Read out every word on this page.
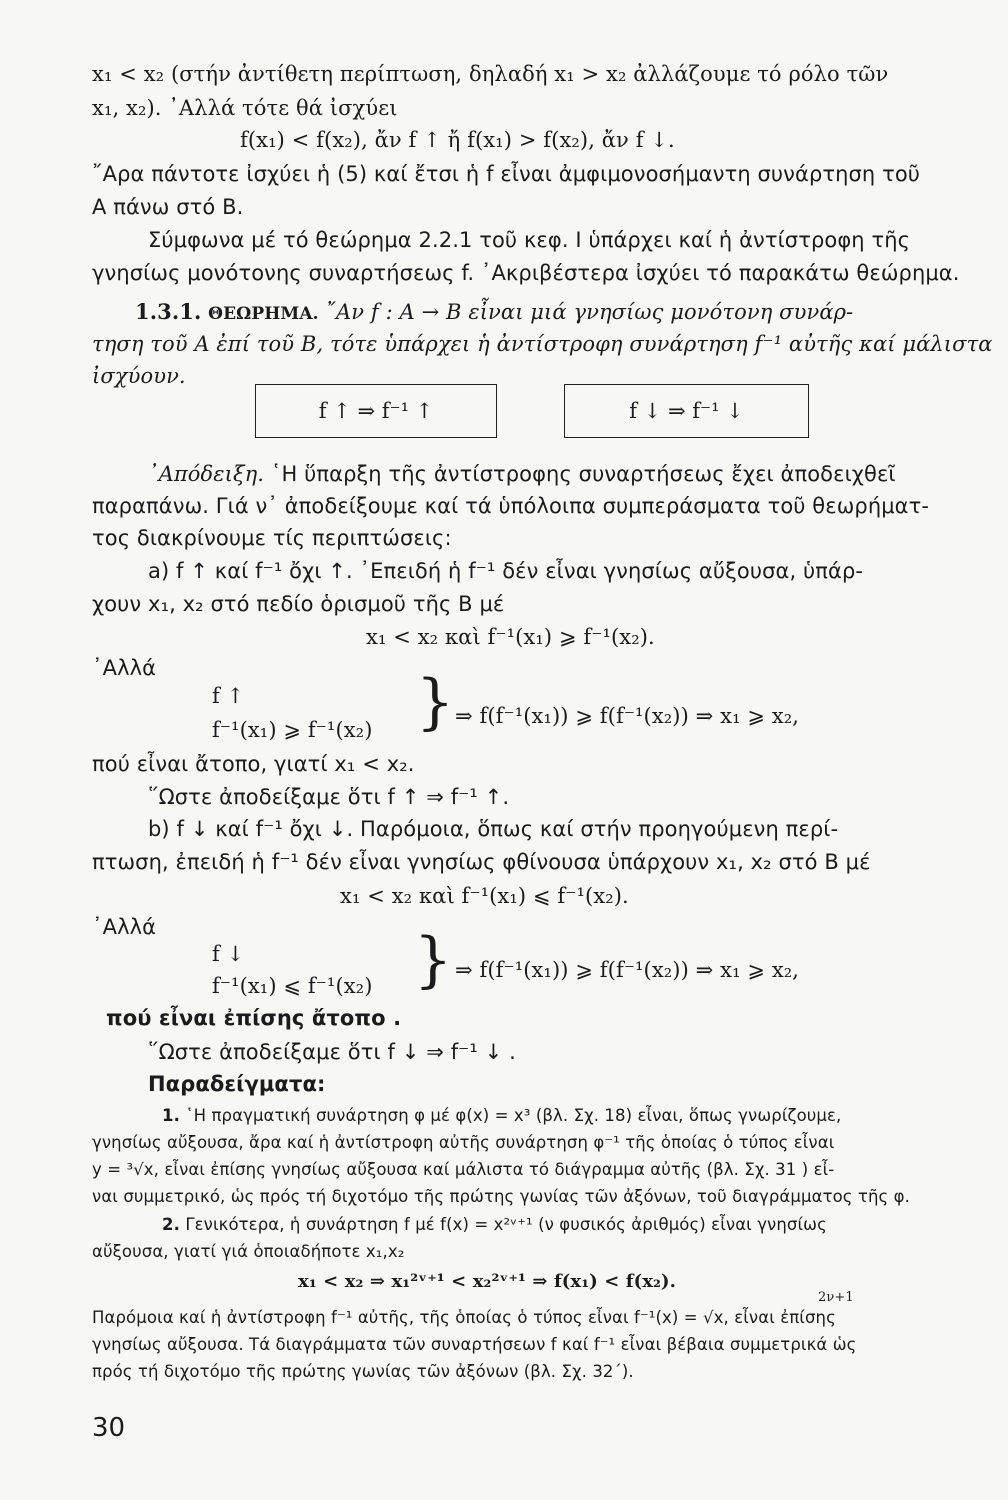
x₁ < x₂ (στήν ἀντίθετη περίπτωση, δηλαδή x₁ > x₂ ἀλλάζουμε τό ρόλο τῶν
x₁, x₂). ᾿Αλλά τότε θά ἰσχύει
f(x₁) < f(x₂), ἄν f ↑ ἤ f(x₁) > f(x₂), ἄν f ↓.
῎Αρα πάντοτε ἰσχύει ἡ (5) καί ἔτσι ἡ f εἶναι ἀμφιμονοσήμαντη συνάρτηση τοῦ
A πάνω στό B.
Σύμφωνα μέ τό θεώρημα 2.2.1 τοῦ κεφ. I ὑπάρχει καί ἡ ἀντίστροφη τῆς
γνησίως μονότονης συναρτήσεως f. ᾿Ακριβέστερα ἰσχύει τό παρακάτω θεώρημα.
1.3.1. ΘΕΩΡΗΜΑ. ῎Αν f : A → B εἶναι μιά γνησίως μονότονη συνάρ-
τηση τοῦ A ἐπί τοῦ B, τότε ὑπάρχει ἡ ἀντίστροφη συνάρτηση f⁻¹ αὐτῆς καί μάλιστα
ἰσχύουν.
f ↑ ⇒ f⁻¹ ↑	f ↓ ⇒ f⁻¹ ↓
᾿Απόδειξη. ῾Η ὕπαρξη τῆς ἀντίστροφης συναρτήσεως ἔχει ἀποδειχθεῖ
παραπάνω. Γιά ν᾿ ἀποδείξουμε καί τά ὑπόλοιπα συμπεράσματα τοῦ θεωρήματ-
τος διακρίνουμε τίς περιπτώσεις:
a) f ↑ καί f⁻¹ ὄχι ↑. ᾿Επειδή ἡ f⁻¹ δέν εἶναι γνησίως αὔξουσα, ὑπάρ-
χουν x₁, x₂ στό πεδίο ὁρισμοῦ τῆς B μέ
x₁ < x₂ καὶ f⁻¹(x₁) ⩾ f⁻¹(x₂).
᾿Αλλά
f ↑
f⁻¹(x₁) ⩾ f⁻¹(x₂) } ⇒ f(f⁻¹(x₁)) ⩾ f(f⁻¹(x₂)) ⇒ x₁ ⩾ x₂,
πού εἶναι ἄτοπο, γιατί x₁ < x₂.
῞Ωστε ἀποδείξαμε ὅτι f ↑ ⇒ f⁻¹ ↑.
b) f ↓ καί f⁻¹ ὄχι ↓. Παρόμοια, ὅπως καί στήν προηγούμενη περί-
πτωση, ἐπειδή ἡ f⁻¹ δέν εἶναι γνησίως φθίνουσα ὑπάρχουν x₁, x₂ στό B μέ
x₁ < x₂ καὶ f⁻¹(x₁) ⩽ f⁻¹(x₂).
᾿Αλλά
f ↓
f⁻¹(x₁) ⩽ f⁻¹(x₂) } ⇒ f(f⁻¹(x₁)) ⩾ f(f⁻¹(x₂)) ⇒ x₁ ⩾ x₂,
πού εἶναι ἐπίσης ἄτοπο .
῞Ωστε ἀποδείξαμε ὅτι f ↓ ⇒ f⁻¹ ↓ .
Παραδείγματα:
1. ῾Η πραγματική συνάρτηση φ μέ φ(x) = x³ (βλ. Σχ. 18) εἶναι, ὅπως γνωρίζουμε,
γνησίως αὔξουσα, ἄρα καί ἡ ἀντίστροφη αὐτῆς συνάρτηση φ⁻¹ τῆς ὁποίας ὁ τύπος εἶναι
y = ³√x, εἶναι ἐπίσης γνησίως αὔξουσα καί μάλιστα τό διάγραμμα αὐτῆς (βλ. Σχ. 31 ) εἶ-
ναι συμμετρικό, ὡς πρός τή διχοτόμο τῆς πρώτης γωνίας τῶν ἀξόνων, τοῦ διαγράμματος τῆς φ.
2. Γενικότερα, ἡ συνάρτηση f μέ f(x) = x²ᵛ⁺¹ (ν φυσικός ἀριθμός) εἶναι γνησίως
αὔξουσα, γιατί γιά ὁποιαδήποτε x₁,x₂
x₁ < x₂ ⇒ x₁²ᵛ⁺¹ < x₂²ᵛ⁺¹ ⇒ f(x₁) < f(x₂).
2ν+1
Παρόμοια καί ἡ ἀντίστροφη f⁻¹ αὐτῆς, τῆς ὁποίας ὁ τύπος εἶναι f⁻¹(x) = √x, εἶναι ἐπίσης
γνησίως αὔξουσα. Τά διαγράμματα τῶν συναρτήσεων f καί f⁻¹ εἶναι βέβαια συμμετρικά ὡς
πρός τή διχοτόμο τῆς πρώτης γωνίας τῶν ἀξόνων (βλ. Σχ. 32΄).
30
